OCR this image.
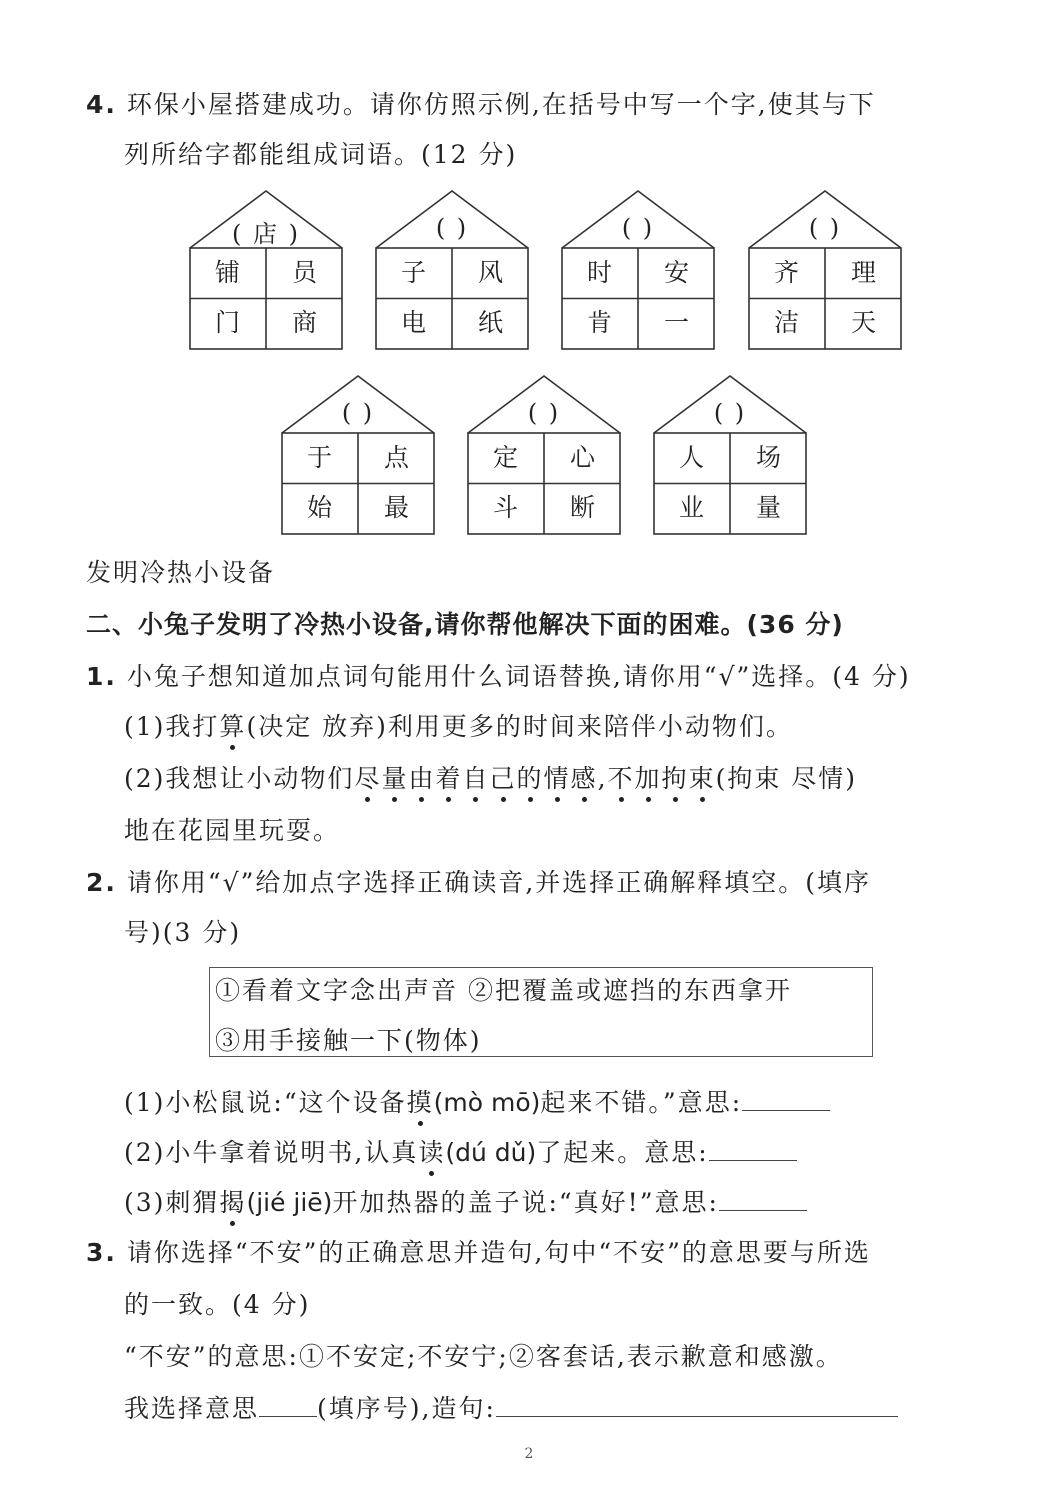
4. 环保小屋搭建成功。请你仿照示例,在括号中写一个字,使其与下
列所给字都能组成词语。(12 分)
( 店 )
铺	员
门	商
( )
子	风
电	纸
( )
时	安
肯	一
( )
齐	理
洁	天
( )
于	点
始	最
( )
定	心
斗	断
( )
人	场
业	量
发明冷热小设备
二、小兔子发明了冷热小设备,请你帮他解决下面的困难。(36 分)
1. 小兔子想知道加点词句能用什么词语替换,请你用“√”选择。(4 分)
(1)我打算(决定 放弃)利用更多的时间来陪伴小动物们。
(2)我想让小动物们尽量由着自己的情感,不加拘束(拘束 尽情)
地在花园里玩耍。
2. 请你用“√”给加点字选择正确读音,并选择正确解释填空。(填序
号)(3 分)
①看着文字念出声音 ②把覆盖或遮挡的东西拿开
③用手接触一下(物体)
(1)小松鼠说:“这个设备摸(mò mō)起来不错。”意思:
(2)小牛拿着说明书,认真读(dú dǔ)了起来。意思:
(3)刺猬揭(jié jiē)开加热器的盖子说:“真好!”意思:
3. 请你选择“不安”的正确意思并造句,句中“不安”的意思要与所选
的一致。(4 分)
“不安”的意思:①不安定;不安宁;②客套话,表示歉意和感激。
我选择意思 (填序号),造句:
2
